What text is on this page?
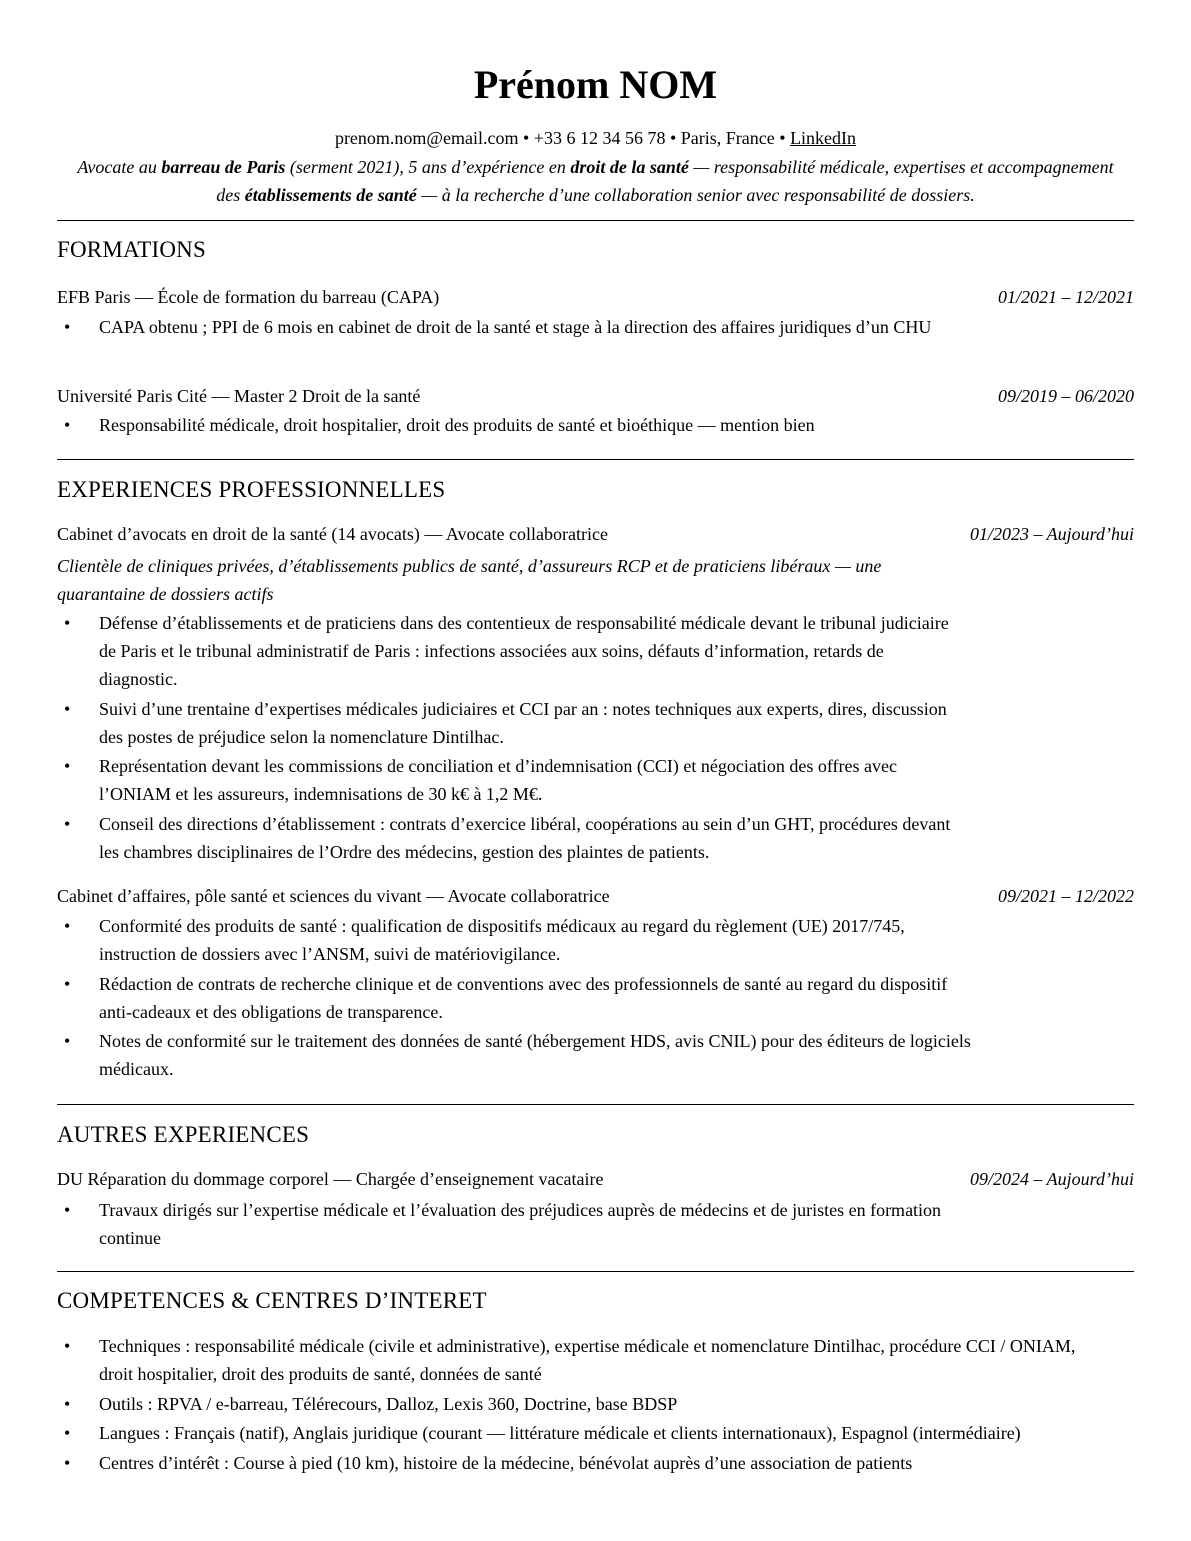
Prénom NOM
prenom.nom@email.com • +33 6 12 34 56 78 • Paris, France • LinkedIn
Avocate au barreau de Paris (serment 2021), 5 ans d’expérience en droit de la santé — responsabilité médicale, expertises et accompagnement des établissements de santé — à la recherche d’une collaboration senior avec responsabilité de dossiers.
FORMATIONS
EFB Paris — École de formation du barreau (CAPA)	01/2021 – 12/2021
• CAPA obtenu ; PPI de 6 mois en cabinet de droit de la santé et stage à la direction des affaires juridiques d’un CHU
Université Paris Cité — Master 2 Droit de la santé	09/2019 – 06/2020
• Responsabilité médicale, droit hospitalier, droit des produits de santé et bioéthique — mention bien
EXPERIENCES PROFESSIONNELLES
Cabinet d’avocats en droit de la santé (14 avocats) — Avocate collaboratrice	01/2023 – Aujourd’hui
Clientèle de cliniques privées, d’établissements publics de santé, d’assureurs RCP et de praticiens libéraux — une quarantaine de dossiers actifs
• Défense d’établissements et de praticiens dans des contentieux de responsabilité médicale devant le tribunal judiciaire de Paris et le tribunal administratif de Paris : infections associées aux soins, défauts d’information, retards de diagnostic.
• Suivi d’une trentaine d’expertises médicales judiciaires et CCI par an : notes techniques aux experts, dires, discussion des postes de préjudice selon la nomenclature Dintilhac.
• Représentation devant les commissions de conciliation et d’indemnisation (CCI) et négociation des offres avec l’ONIAM et les assureurs, indemnisations de 30 k€ à 1,2 M€.
• Conseil des directions d’établissement : contrats d’exercice libéral, coopérations au sein d’un GHT, procédures devant les chambres disciplinaires de l’Ordre des médecins, gestion des plaintes de patients.
Cabinet d’affaires, pôle santé et sciences du vivant — Avocate collaboratrice	09/2021 – 12/2022
• Conformité des produits de santé : qualification de dispositifs médicaux au regard du règlement (UE) 2017/745, instruction de dossiers avec l’ANSM, suivi de matériovigilance.
• Rédaction de contrats de recherche clinique et de conventions avec des professionnels de santé au regard du dispositif anti-cadeaux et des obligations de transparence.
• Notes de conformité sur le traitement des données de santé (hébergement HDS, avis CNIL) pour des éditeurs de logiciels médicaux.
AUTRES EXPERIENCES
DU Réparation du dommage corporel — Chargée d’enseignement vacataire	09/2024 – Aujourd’hui
• Travaux dirigés sur l’expertise médicale et l’évaluation des préjudices auprès de médecins et de juristes en formation continue
COMPETENCES & CENTRES D’INTERET
• Techniques : responsabilité médicale (civile et administrative), expertise médicale et nomenclature Dintilhac, procédure CCI / ONIAM, droit hospitalier, droit des produits de santé, données de santé
• Outils : RPVA / e-barreau, Télérecours, Dalloz, Lexis 360, Doctrine, base BDSP
• Langues : Français (natif), Anglais juridique (courant — littérature médicale et clients internationaux), Espagnol (intermédiaire)
• Centres d’intérêt : Course à pied (10 km), histoire de la médecine, bénévolat auprès d’une association de patients
